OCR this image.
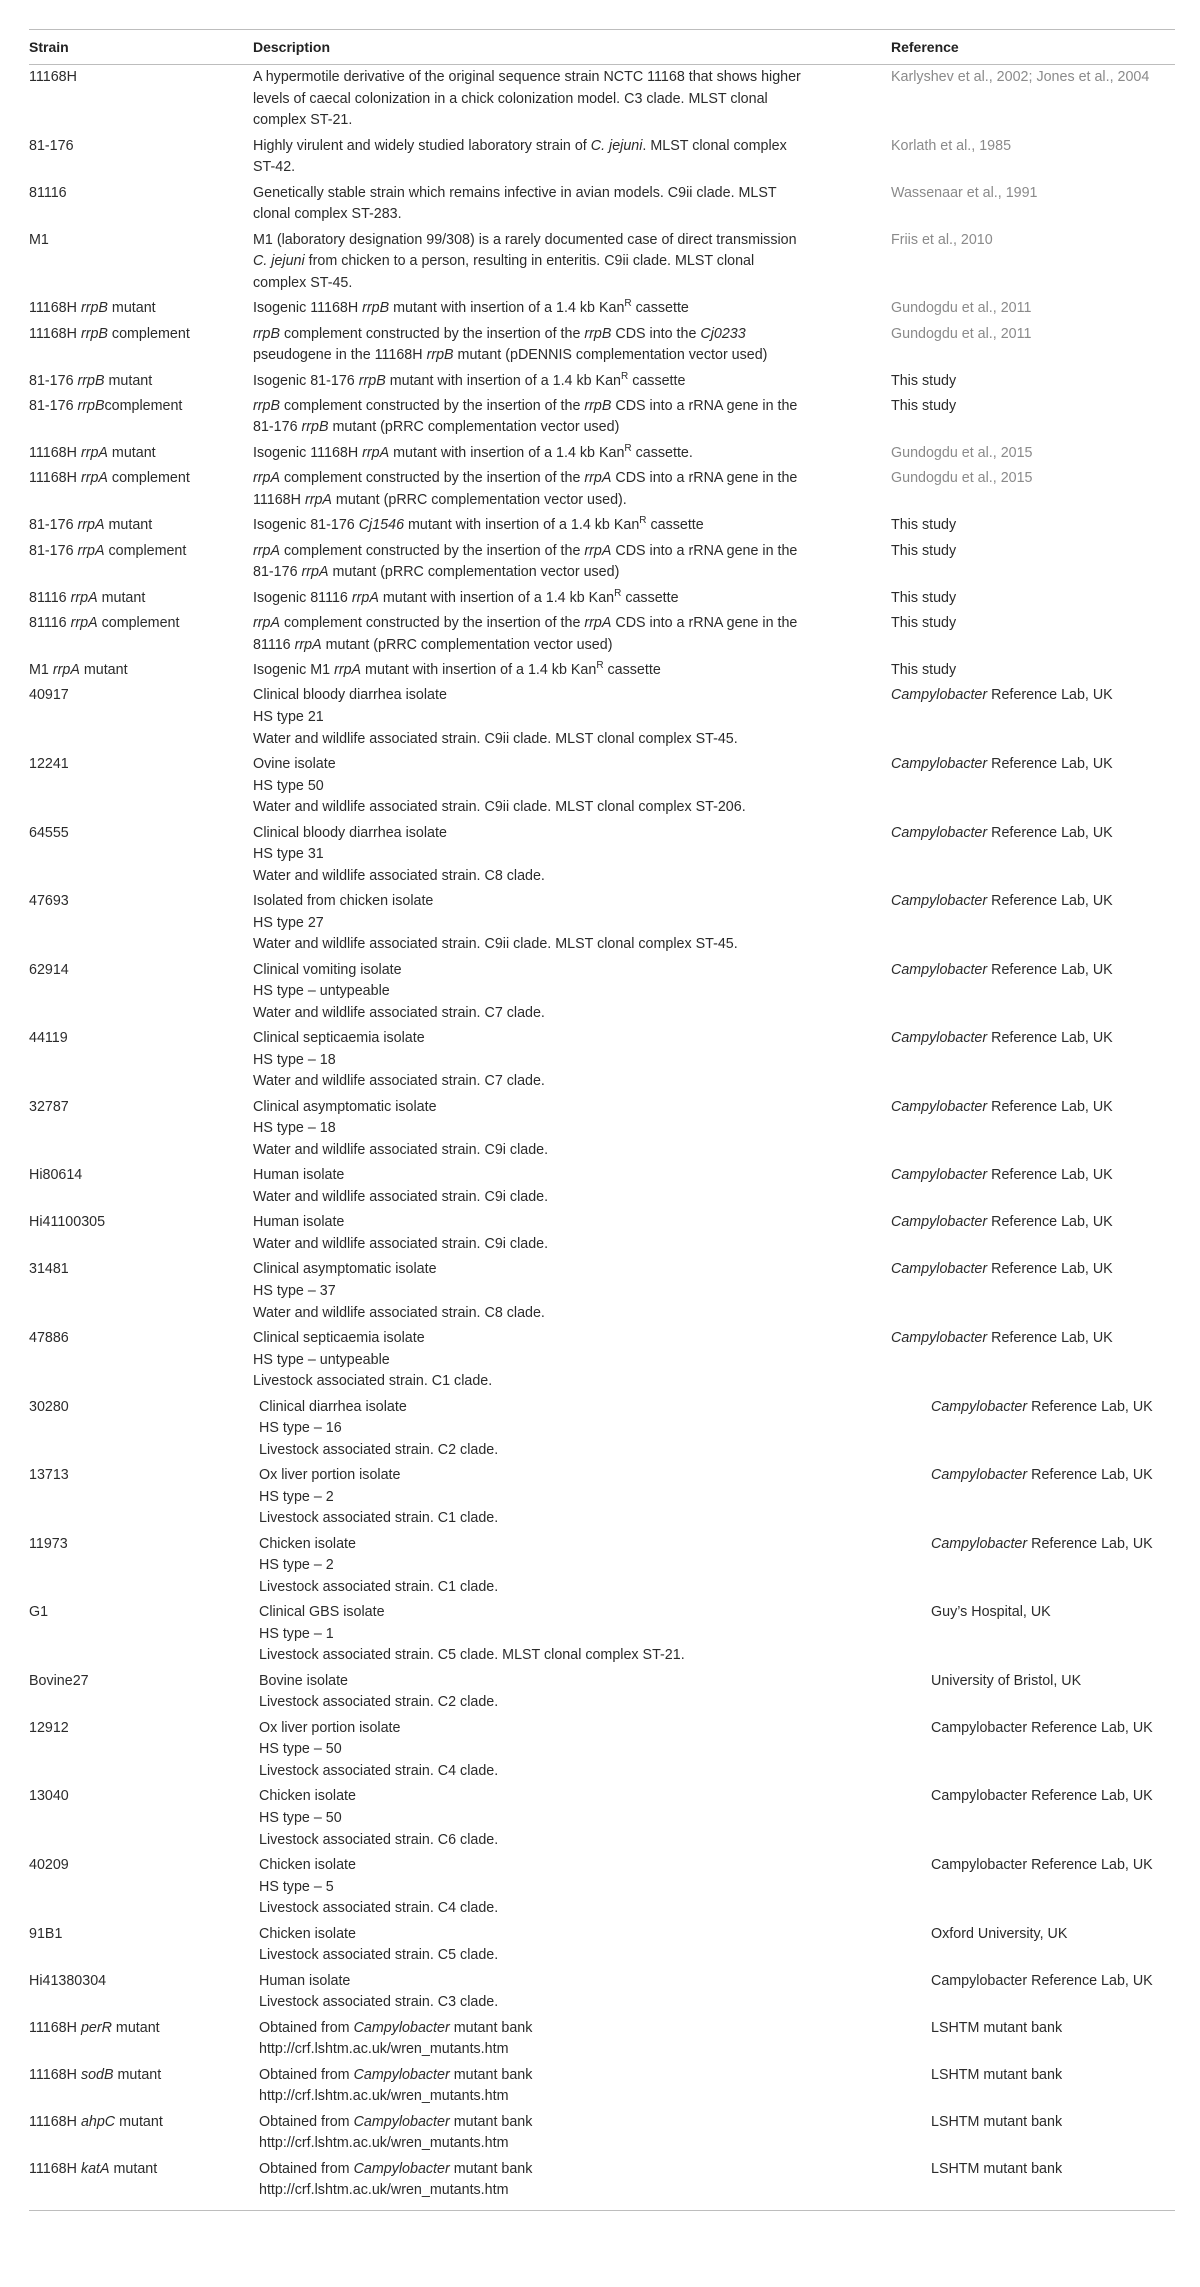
Strain	Description	Reference
11168H	A hypermotile derivative of the original sequence strain NCTC 11168 that shows higher
levels of caecal colonization in a chick colonization model. C3 clade. MLST clonal
complex ST-21.	Karlyshev et al., 2002; Jones et al., 2004
81-176	Highly virulent and widely studied laboratory strain of C. jejuni. MLST clonal complex
ST-42.	Korlath et al., 1985
81116	Genetically stable strain which remains infective in avian models. C9ii clade. MLST
clonal complex ST-283.	Wassenaar et al., 1991
M1	M1 (laboratory designation 99/308) is a rarely documented case of direct transmission
C. jejuni from chicken to a person, resulting in enteritis. C9ii clade. MLST clonal
complex ST-45.	Friis et al., 2010
11168H rrpB mutant	Isogenic 11168H rrpB mutant with insertion of a 1.4 kb Kan$^R$ cassette	Gundogdu et al., 2011
11168H rrpB complement	rrpB complement constructed by the insertion of the rrpB CDS into the Cj0233
pseudogene in the 11168H rrpB mutant (pDENNIS complementation vector used)	Gundogdu et al., 2011
81-176 rrpB mutant	Isogenic 81-176 rrpB mutant with insertion of a 1.4 kb Kan$^R$ cassette	This study
81-176 rrpBcomplement	rrpB complement constructed by the insertion of the rrpB CDS into a rRNA gene in the
81-176 rrpB mutant (pRRC complementation vector used)	This study
11168H rrpA mutant	Isogenic 11168H rrpA mutant with insertion of a 1.4 kb Kan$^R$ cassette.	Gundogdu et al., 2015
11168H rrpA complement	rrpA complement constructed by the insertion of the rrpA CDS into a rRNA gene in the
11168H rrpA mutant (pRRC complementation vector used).	Gundogdu et al., 2015
81-176 rrpA mutant	Isogenic 81-176 Cj1546 mutant with insertion of a 1.4 kb Kan$^R$ cassette	This study
81-176 rrpA complement	rrpA complement constructed by the insertion of the rrpA CDS into a rRNA gene in the
81-176 rrpA mutant (pRRC complementation vector used)	This study
81116 rrpA mutant	Isogenic 81116 rrpA mutant with insertion of a 1.4 kb Kan$^R$ cassette	This study
81116 rrpA complement	rrpA complement constructed by the insertion of the rrpA CDS into a rRNA gene in the
81116 rrpA mutant (pRRC complementation vector used)	This study
M1 rrpA mutant	Isogenic M1 rrpA mutant with insertion of a 1.4 kb Kan$^R$ cassette	This study
40917	Clinical bloody diarrhea isolate
HS type 21
Water and wildlife associated strain. C9ii clade. MLST clonal complex ST-45.	Campylobacter Reference Lab, UK
12241	Ovine isolate
HS type 50
Water and wildlife associated strain. C9ii clade. MLST clonal complex ST-206.	Campylobacter Reference Lab, UK
64555	Clinical bloody diarrhea isolate
HS type 31
Water and wildlife associated strain. C8 clade.	Campylobacter Reference Lab, UK
47693	Isolated from chicken isolate
HS type 27
Water and wildlife associated strain. C9ii clade. MLST clonal complex ST-45.	Campylobacter Reference Lab, UK
62914	Clinical vomiting isolate
HS type – untypeable
Water and wildlife associated strain. C7 clade.	Campylobacter Reference Lab, UK
44119	Clinical septicaemia isolate
HS type – 18
Water and wildlife associated strain. C7 clade.	Campylobacter Reference Lab, UK
32787	Clinical asymptomatic isolate
HS type – 18
Water and wildlife associated strain. C9i clade.	Campylobacter Reference Lab, UK
Hi80614	Human isolate
Water and wildlife associated strain. C9i clade.	Campylobacter Reference Lab, UK
Hi41100305	Human isolate
Water and wildlife associated strain. C9i clade.	Campylobacter Reference Lab, UK
31481	Clinical asymptomatic isolate
HS type – 37
Water and wildlife associated strain. C8 clade.	Campylobacter Reference Lab, UK
47886	Clinical septicaemia isolate
HS type – untypeable
Livestock associated strain. C1 clade.	Campylobacter Reference Lab, UK
30280	Clinical diarrhea isolate
HS type – 16
Livestock associated strain. C2 clade.	Campylobacter Reference Lab, UK
13713	Ox liver portion isolate
HS type – 2
Livestock associated strain. C1 clade.	Campylobacter Reference Lab, UK
11973	Chicken isolate
HS type – 2
Livestock associated strain. C1 clade.	Campylobacter Reference Lab, UK
G1	Clinical GBS isolate
HS type – 1
Livestock associated strain. C5 clade. MLST clonal complex ST-21.	Guy’s Hospital, UK
Bovine27	Bovine isolate
Livestock associated strain. C2 clade.	University of Bristol, UK
12912	Ox liver portion isolate
HS type – 50
Livestock associated strain. C4 clade.	Campylobacter Reference Lab, UK
13040	Chicken isolate
HS type – 50
Livestock associated strain. C6 clade.	Campylobacter Reference Lab, UK
40209	Chicken isolate
HS type – 5
Livestock associated strain. C4 clade.	Campylobacter Reference Lab, UK
91B1	Chicken isolate
Livestock associated strain. C5 clade.	Oxford University, UK
Hi41380304	Human isolate
Livestock associated strain. C3 clade.	Campylobacter Reference Lab, UK
11168H perR mutant	Obtained from Campylobacter mutant bank
http://crf.lshtm.ac.uk/wren_mutants.htm	LSHTM mutant bank
11168H sodB mutant	Obtained from Campylobacter mutant bank
http://crf.lshtm.ac.uk/wren_mutants.htm	LSHTM mutant bank
11168H ahpC mutant	Obtained from Campylobacter mutant bank
http://crf.lshtm.ac.uk/wren_mutants.htm	LSHTM mutant bank
11168H katA mutant	Obtained from Campylobacter mutant bank
http://crf.lshtm.ac.uk/wren_mutants.htm	LSHTM mutant bank
